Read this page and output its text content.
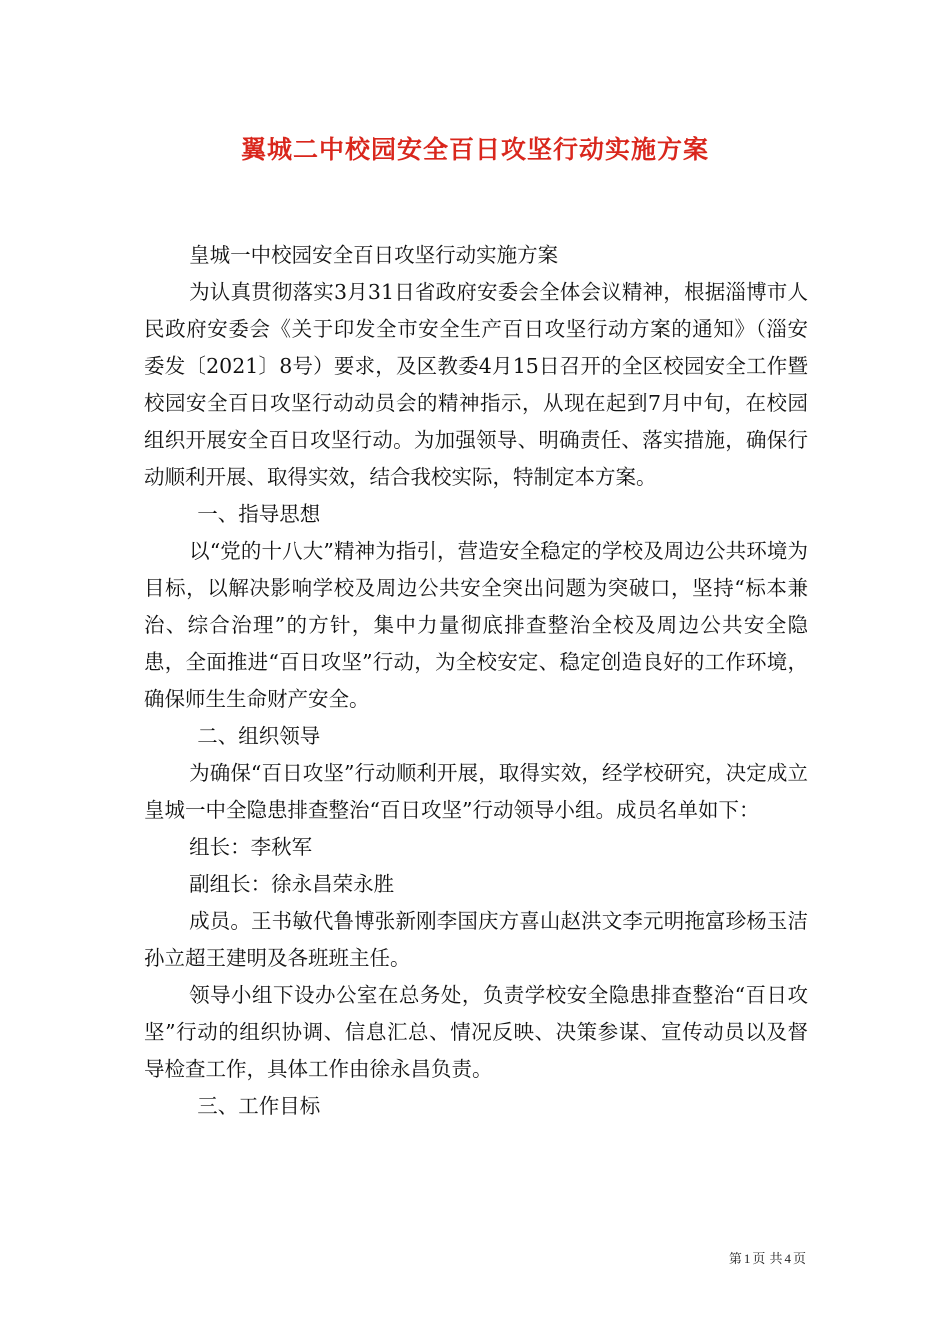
翼城二中校园安全百日攻坚行动实施方案

皇城一中校园安全百日攻坚行动实施方案

为认真贯彻落实3月31日省政府安委会全体会议精神，根据淄博市人民政府安委会《关于印发全市安全生产百日攻坚行动方案的通知》（淄安委发〔2021〕8号）要求，及区教委4月15日召开的全区校园安全工作暨校园安全百日攻坚行动动员会的精神指示，从现在起到7月中旬，在校园组织开展安全百日攻坚行动。为加强领导、明确责任、落实措施，确保行动顺利开展、取得实效，结合我校实际，特制定本方案。

一、指导思想

以“党的十八大”精神为指引，营造安全稳定的学校及周边公共环境为目标，以解决影响学校及周边公共安全突出问题为突破口，坚持“标本兼治、综合治理”的方针，集中力量彻底排查整治全校及周边公共安全隐患，全面推进“百日攻坚”行动，为全校安定、稳定创造良好的工作环境，确保师生生命财产安全。

二、组织领导

为确保“百日攻坚”行动顺利开展，取得实效，经学校研究，决定成立皇城一中全隐患排查整治“百日攻坚”行动领导小组。成员名单如下：

组长：李秋军

副组长：徐永昌荣永胜

成员。王书敏代鲁博张新刚李国庆方喜山赵洪文李元明拖富珍杨玉洁孙立超王建明及各班班主任。

领导小组下设办公室在总务处，负责学校安全隐患排查整治“百日攻坚”行动的组织协调、信息汇总、情况反映、决策参谋、宣传动员以及督导检查工作，具体工作由徐永昌负责。

三、工作目标

第 1 页 共 4 页
